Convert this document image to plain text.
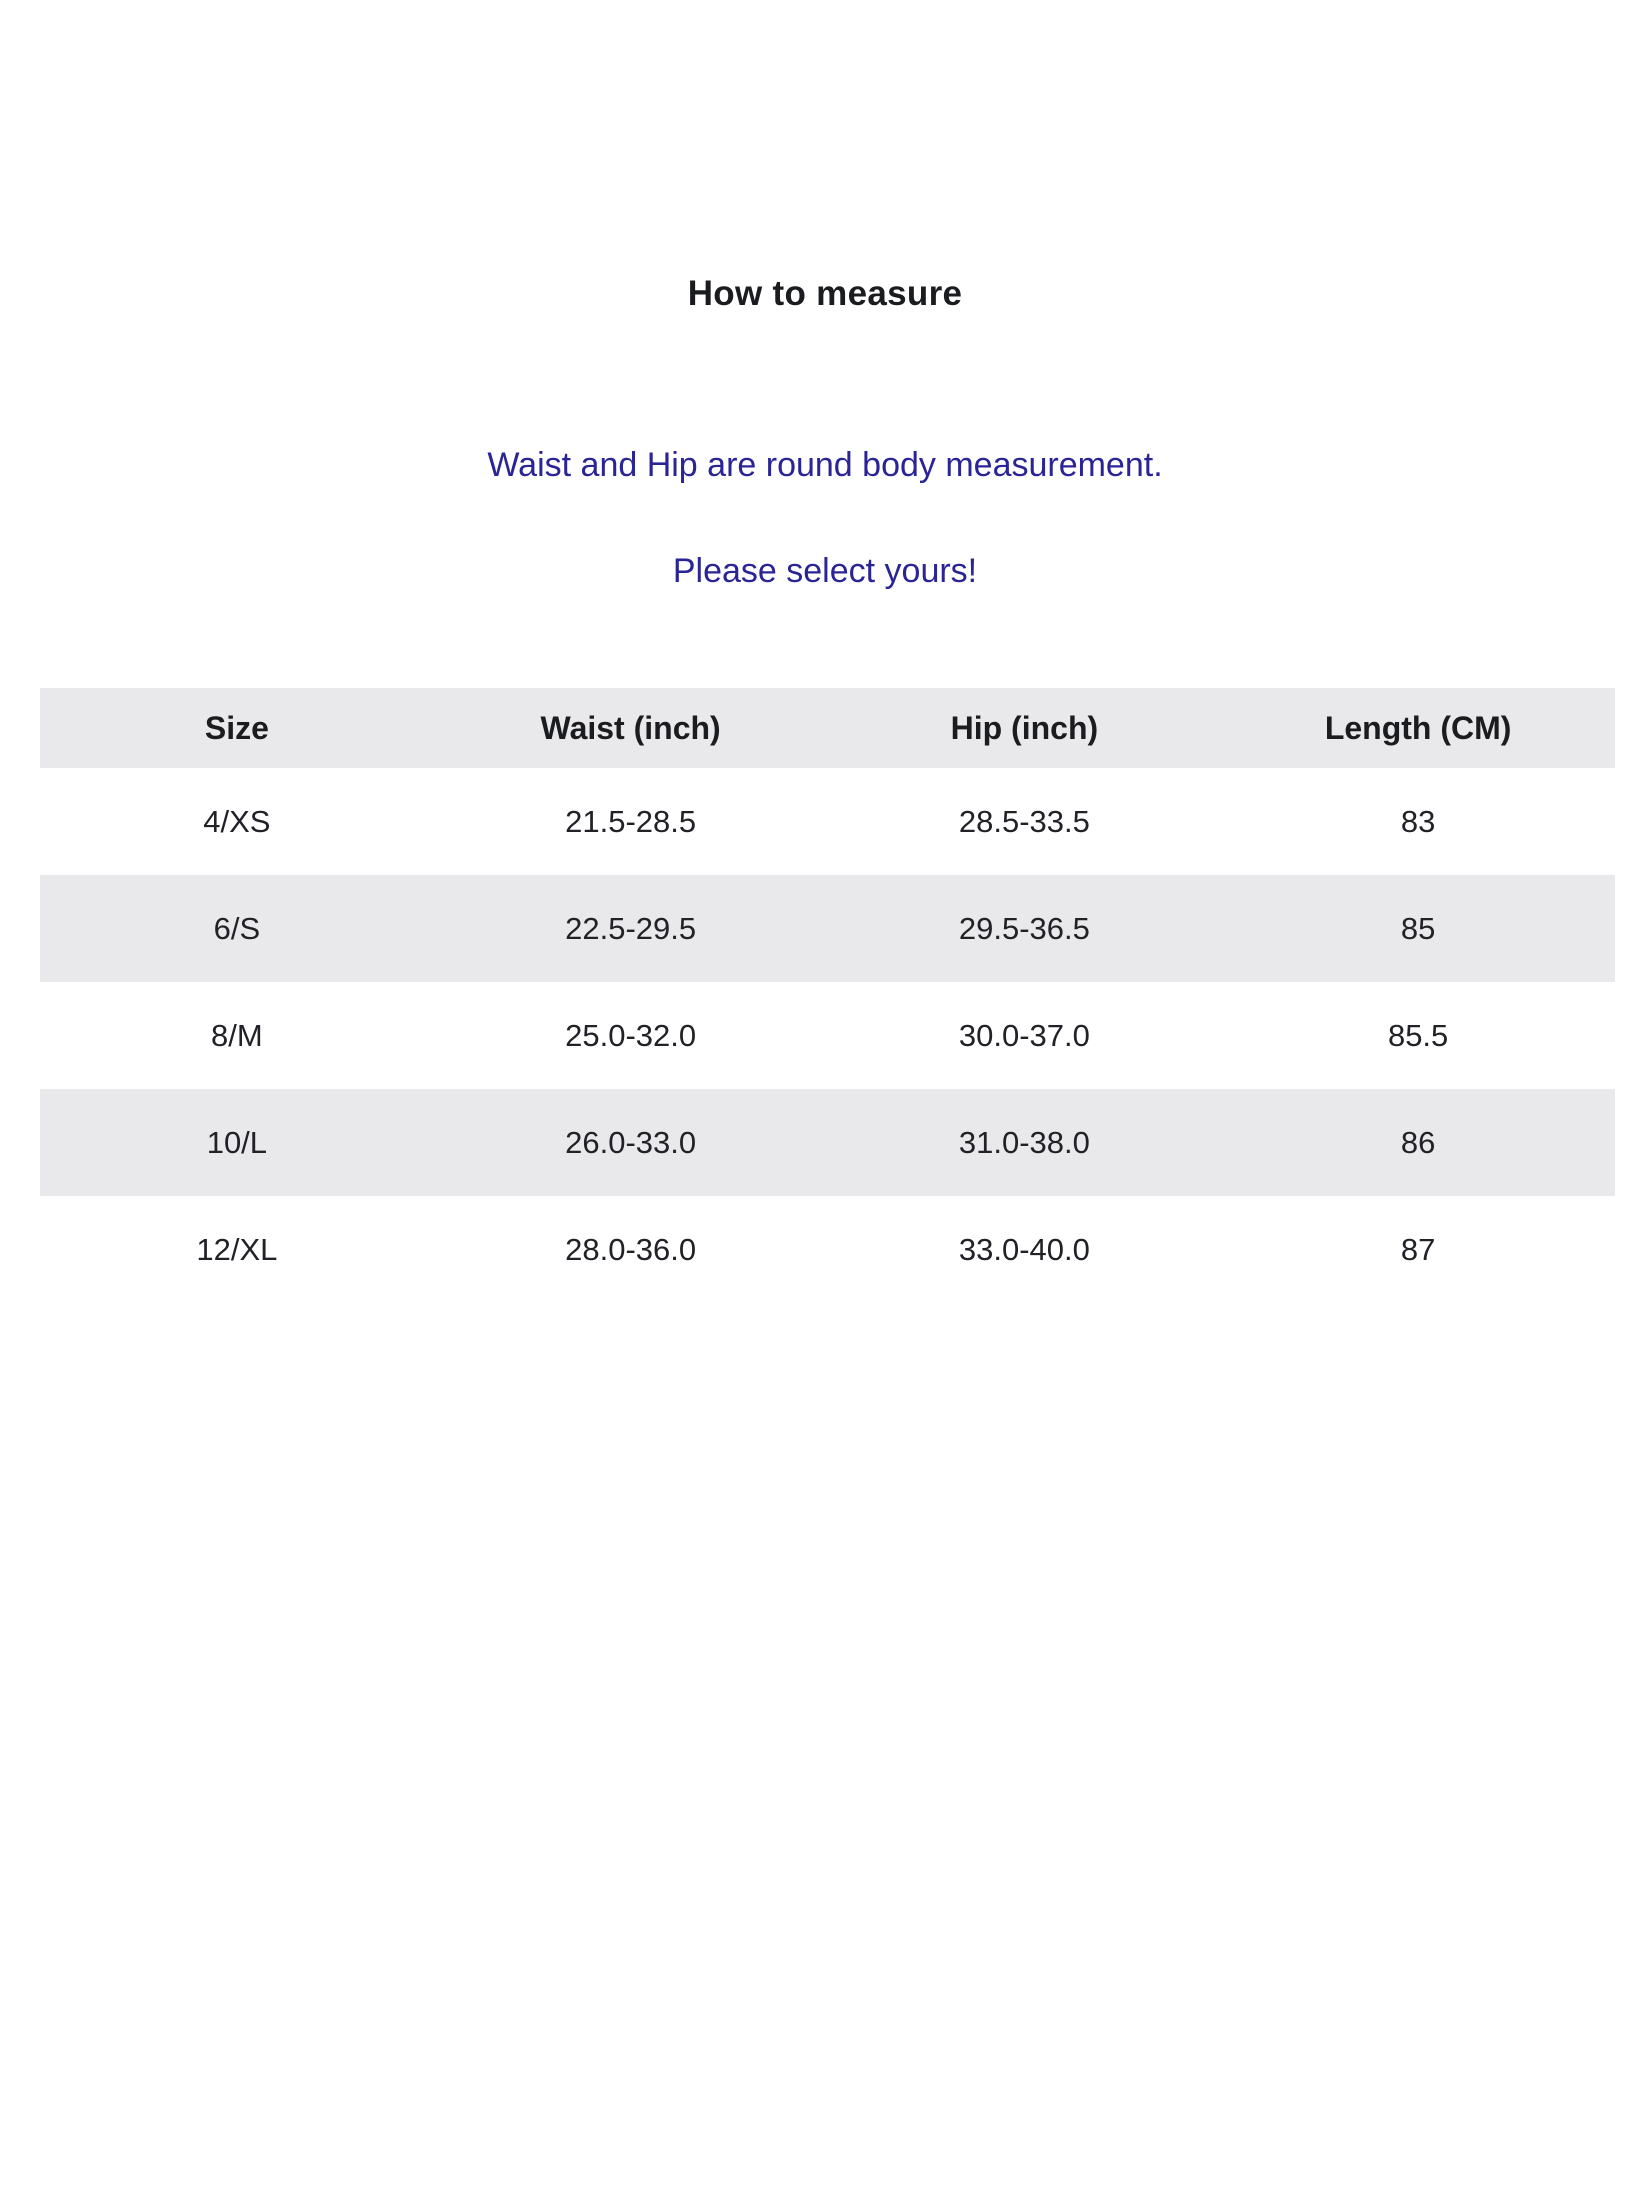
How to measure
Waist and Hip are round body measurement.
Please select yours!
Size	Waist (inch)	Hip (inch)	Length (CM)
4/XS	21.5-28.5	28.5-33.5	83
6/S	22.5-29.5	29.5-36.5	85
8/M	25.0-32.0	30.0-37.0	85.5
10/L	26.0-33.0	31.0-38.0	86
12/XL	28.0-36.0	33.0-40.0	87
